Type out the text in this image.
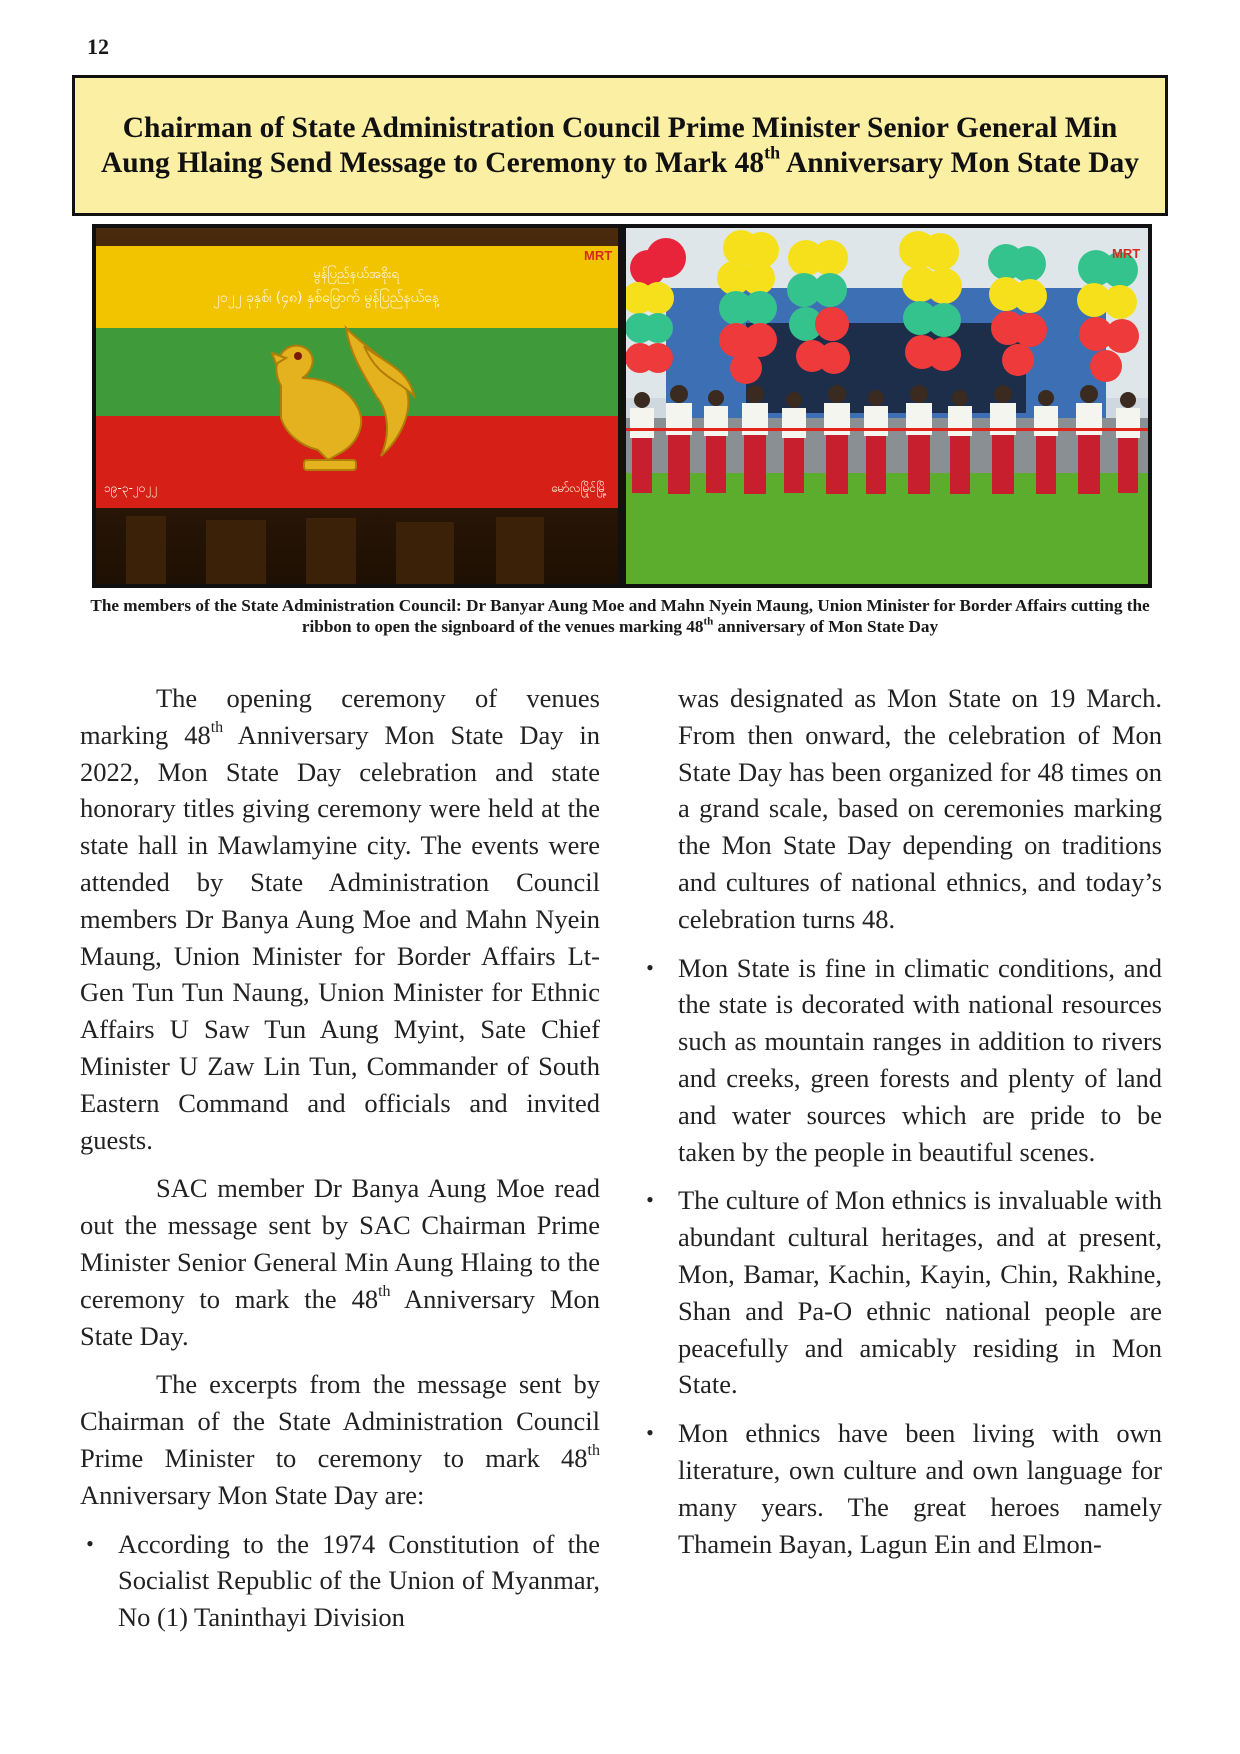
12
Chairman of State Administration Council Prime Minister Senior General Min Aung Hlaing Send Message to Ceremony to Mark 48th Anniversary Mon State Day
မွန်ပြည်နယ်အစိုးရ
၂၀၂၂ ခုနှစ်၊ (၄၈) နှစ်မြောက် မွန်ပြည်နယ်နေ့
၁၉-၃-၂၀၂၂	မော်လမြိုင်မြို့
MRT	MRT
The members of the State Administration Council: Dr Banyar Aung Moe and Mahn Nyein Maung, Union Minister for Border Affairs cutting the ribbon to open the signboard of the venues marking 48th anniversary of Mon State Day

The opening ceremony of venues marking 48th Anniversary Mon State Day in 2022, Mon State Day celebration and state honorary titles giving ceremony were held at the state hall in Mawlamyine city. The events were attended by State Administration Council members Dr Banya Aung Moe and Mahn Nyein Maung, Union Minister for Border Affairs Lt-Gen Tun Tun Naung, Union Minister for Ethnic Affairs U Saw Tun Aung Myint, Sate Chief Minister U Zaw Lin Tun, Commander of South Eastern Command and officials and invited guests.

SAC member Dr Banya Aung Moe read out the message sent by SAC Chairman Prime Minister Senior General Min Aung Hlaing to the ceremony to mark the 48th Anniversary Mon State Day.

The excerpts from the message sent by Chairman of the State Administration Council Prime Minister to ceremony to mark 48th Anniversary Mon State Day are:

• According to the 1974 Constitution of the Socialist Republic of the Union of Myanmar, No (1) Taninthayi Division

was designated as Mon State on 19 March. From then onward, the celebration of Mon State Day has been organized for 48 times on a grand scale, based on ceremonies marking the Mon State Day depending on traditions and cultures of national ethnics, and today’s celebration turns 48.

• Mon State is fine in climatic conditions, and the state is decorated with national resources such as mountain ranges in addition to rivers and creeks, green forests and plenty of land and water sources which are pride to be taken by the people in beautiful scenes.
• The culture of Mon ethnics is invaluable with abundant cultural heritages, and at present, Mon, Bamar, Kachin, Kayin, Chin, Rakhine, Shan and Pa-O ethnic national people are peacefully and amicably residing in Mon State.
• Mon ethnics have been living with own literature, own culture and own language for many years. The great heroes namely Thamein Bayan, Lagun Ein and Elmon-
